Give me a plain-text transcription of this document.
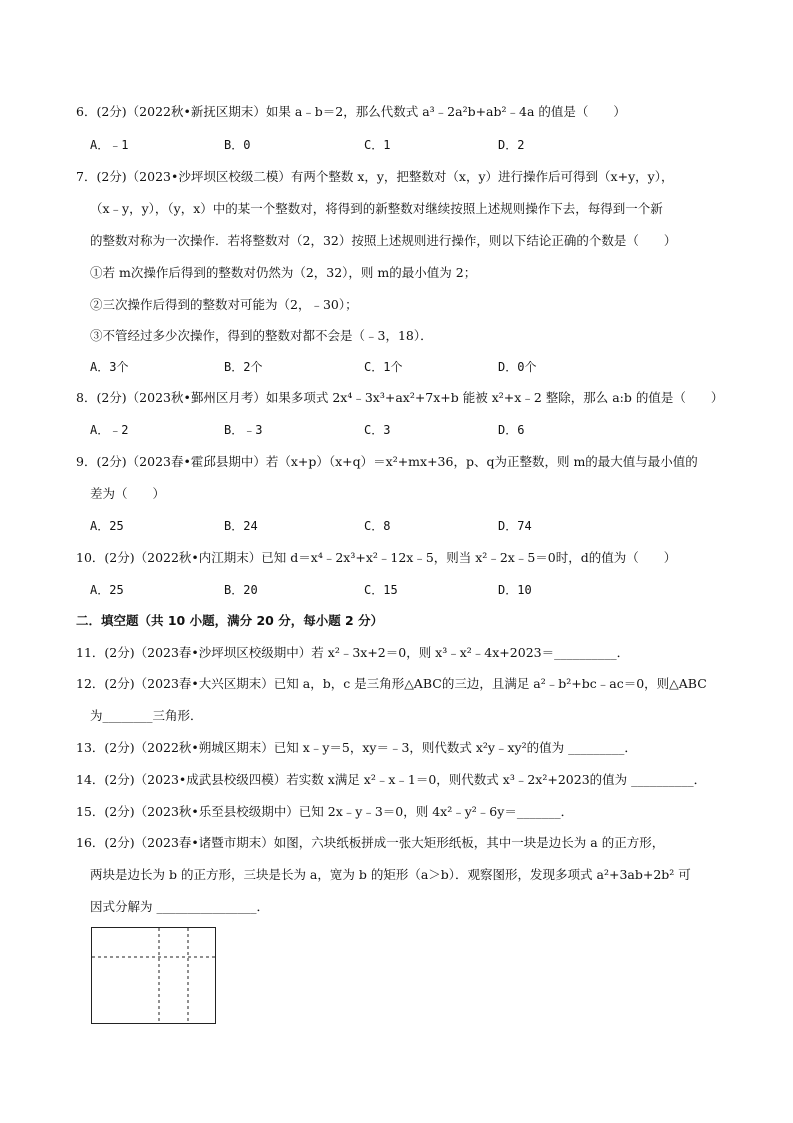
6．(2分)（2022秋•新抚区期末）如果 a﹣b＝2，那么代数式 a³﹣2a²b+ab²﹣4a 的值是（　　）
A．﹣1	B．0	C．1	D．2
7．(2分)（2023•沙坪坝区校级二模）有两个整数 x，y，把整数对（x，y）进行操作后可得到（x+y，y），
（x﹣y，y），（y，x）中的某一个整数对，将得到的新整数对继续按照上述规则操作下去，每得到一个新
的整数对称为一次操作．若将整数对（2，32）按照上述规则进行操作，则以下结论正确的个数是（　　）
①若 m次操作后得到的整数对仍然为（2，32），则 m的最小值为 2；
②三次操作后得到的整数对可能为（2，﹣30）；
③不管经过多少次操作，得到的整数对都不会是（﹣3，18）．
A．3个	B．2个	C．1个	D．0个
8．(2分)（2023秋•鄞州区月考）如果多项式 2x⁴﹣3x³+ax²+7x+b 能被 x²+x﹣2 整除，那么 a:b 的值是（　　）
A．﹣2	B．﹣3	C．3	D．6
9．(2分)（2023春•霍邱县期中）若（x+p）（x+q）＝x²+mx+36，p、q为正整数，则 m的最大值与最小值的
差为（　　）
A．25	B．24	C．8	D．74
10．(2分)（2022秋•内江期末）已知 d＝x⁴﹣2x³+x²﹣12x﹣5，则当 x²﹣2x﹣5＝0时，d的值为（　　）
A．25	B．20	C．15	D．10
二．填空题（共 10 小题，满分 20 分，每小题 2 分）
11．(2分)（2023春•沙坪坝区校级期中）若 x²﹣3x+2＝0，则 x³﹣x²﹣4x+2023＝__________．
12．(2分)（2023春•大兴区期末）已知 a，b，c 是三角形△ABC的三边，且满足 a²﹣b²+bc﹣ac＝0，则△ABC
为________三角形．
13．(2分)（2022秋•朔城区期末）已知 x﹣y＝5，xy＝﹣3，则代数式 x²y﹣xy²的值为 _________．
14．(2分)（2023•成武县校级四模）若实数 x满足 x²﹣x﹣1＝0，则代数式 x³﹣2x²+2023的值为 __________．
15．(2分)（2023秋•乐至县校级期中）已知 2x﹣y﹣3＝0，则 4x²﹣y²﹣6y＝_______．
16．(2分)（2023春•诸暨市期末）如图，六块纸板拼成一张大矩形纸板，其中一块是边长为 a 的正方形，
两块是边长为 b 的正方形，三块是长为 a，宽为 b 的矩形（a＞b）．观察图形，发现多项式 a²+3ab+2b² 可
因式分解为 ________________．
